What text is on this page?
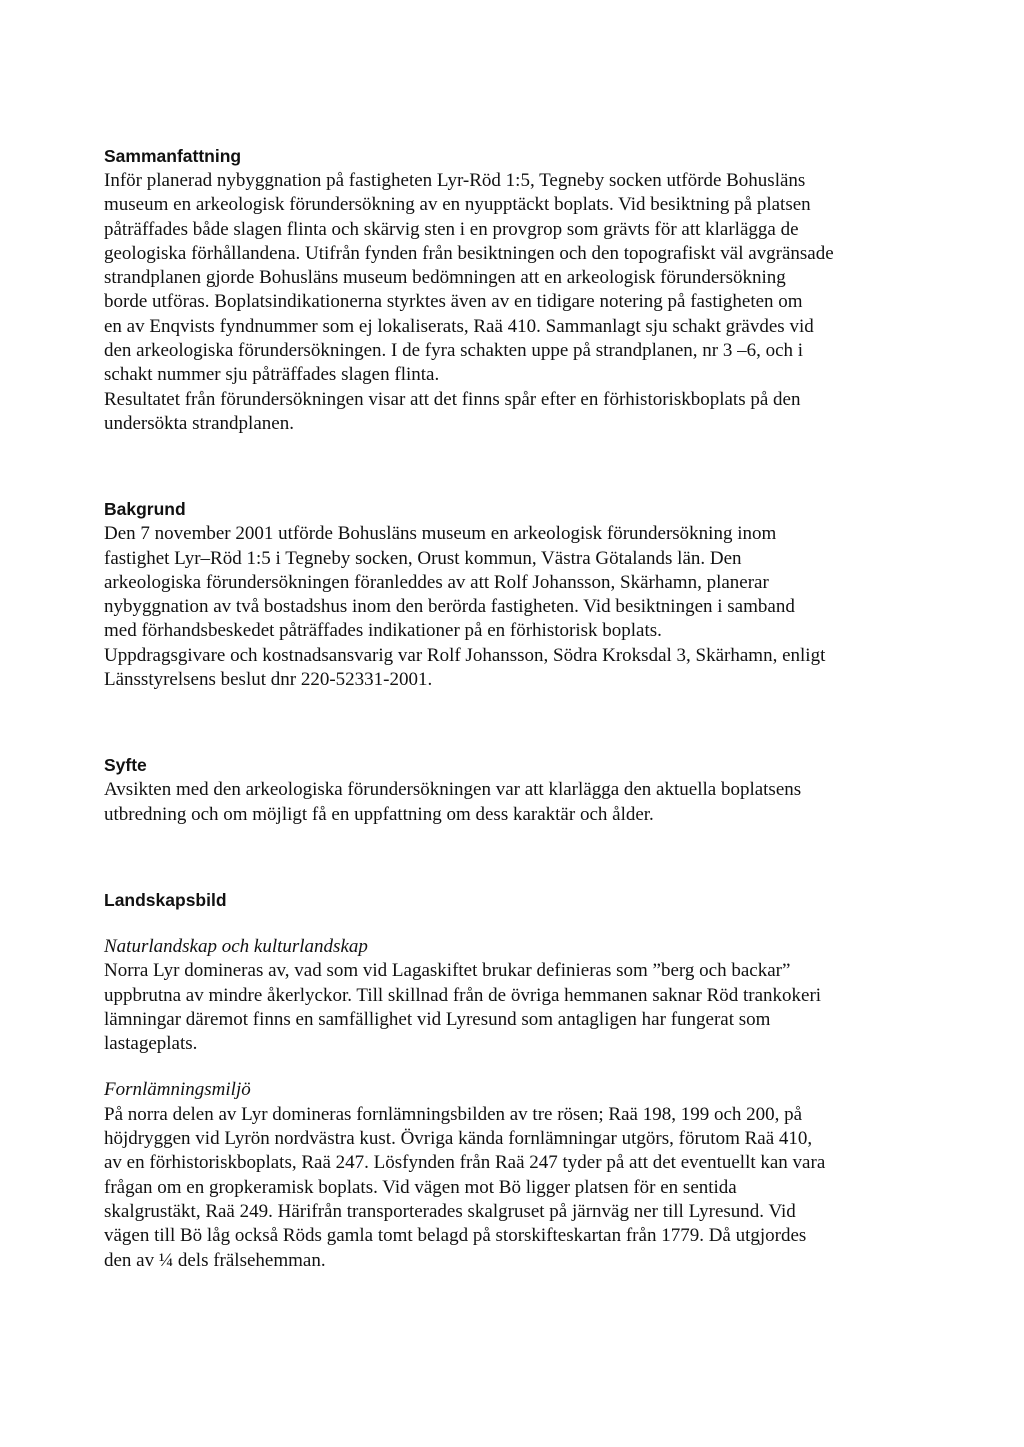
Sammanfattning

Inför planerad nybyggnation på fastigheten Lyr-Röd 1:5, Tegneby socken utförde Bohusläns

museum en arkeologisk förundersökning av en nyupptäckt boplats. Vid besiktning på platsen

påträffades både slagen flinta och skärvig sten i en provgrop som grävts för att klarlägga de

geologiska förhållandena. Utifrån fynden från besiktningen och den topografiskt väl avgränsade

strandplanen gjorde Bohusläns museum bedömningen att en arkeologisk förundersökning

borde utföras. Boplatsindikationerna styrktes även av en tidigare notering på fastigheten om

en av Enqvists fyndnummer som ej lokaliserats, Raä 410. Sammanlagt sju schakt grävdes vid

den arkeologiska förundersökningen. I de fyra schakten uppe på strandplanen, nr 3 –6, och i

schakt nummer sju påträffades slagen flinta.

Resultatet från förundersökningen visar att det finns spår efter en förhistoriskboplats på den

undersökta strandplanen.

Bakgrund

Den 7 november 2001 utförde Bohusläns museum en arkeologisk förundersökning inom

fastighet Lyr–Röd 1:5 i Tegneby socken, Orust kommun, Västra Götalands län. Den

arkeologiska förundersökningen föranleddes av att Rolf Johansson, Skärhamn, planerar

nybyggnation av två bostadshus inom den berörda fastigheten. Vid besiktningen i samband

med förhandsbeskedet påträffades indikationer på en förhistorisk boplats.

Uppdragsgivare och kostnadsansvarig var Rolf Johansson, Södra Kroksdal 3, Skärhamn, enligt

Länsstyrelsens beslut dnr 220-52331-2001.

Syfte

Avsikten med den arkeologiska förundersökningen var att klarlägga den aktuella boplatsens

utbredning och om möjligt få en uppfattning om dess karaktär och ålder.

Landskapsbild

Naturlandskap och kulturlandskap

Norra Lyr domineras av, vad som vid Lagaskiftet brukar definieras som ”berg och backar”

uppbrutna av mindre åkerlyckor. Till skillnad från de övriga hemmanen saknar Röd trankokeri

lämningar däremot finns en samfällighet vid Lyresund som antagligen har fungerat som

lastageplats.

Fornlämningsmiljö

På norra delen av Lyr domineras fornlämningsbilden av tre rösen; Raä 198, 199 och 200, på

höjdryggen vid Lyrön nordvästra kust. Övriga kända fornlämningar utgörs, förutom Raä 410,

av en förhistoriskboplats, Raä 247. Lösfynden från Raä 247 tyder på att det eventuellt kan vara

frågan om en gropkeramisk boplats. Vid vägen mot Bö ligger platsen för en sentida

skalgrustäkt, Raä 249. Härifrån transporterades skalgruset på järnväg ner till Lyresund. Vid

vägen till Bö låg också Röds gamla tomt belagd på storskifteskartan från 1779. Då utgjordes

den av ¼ dels frälsehemman.
